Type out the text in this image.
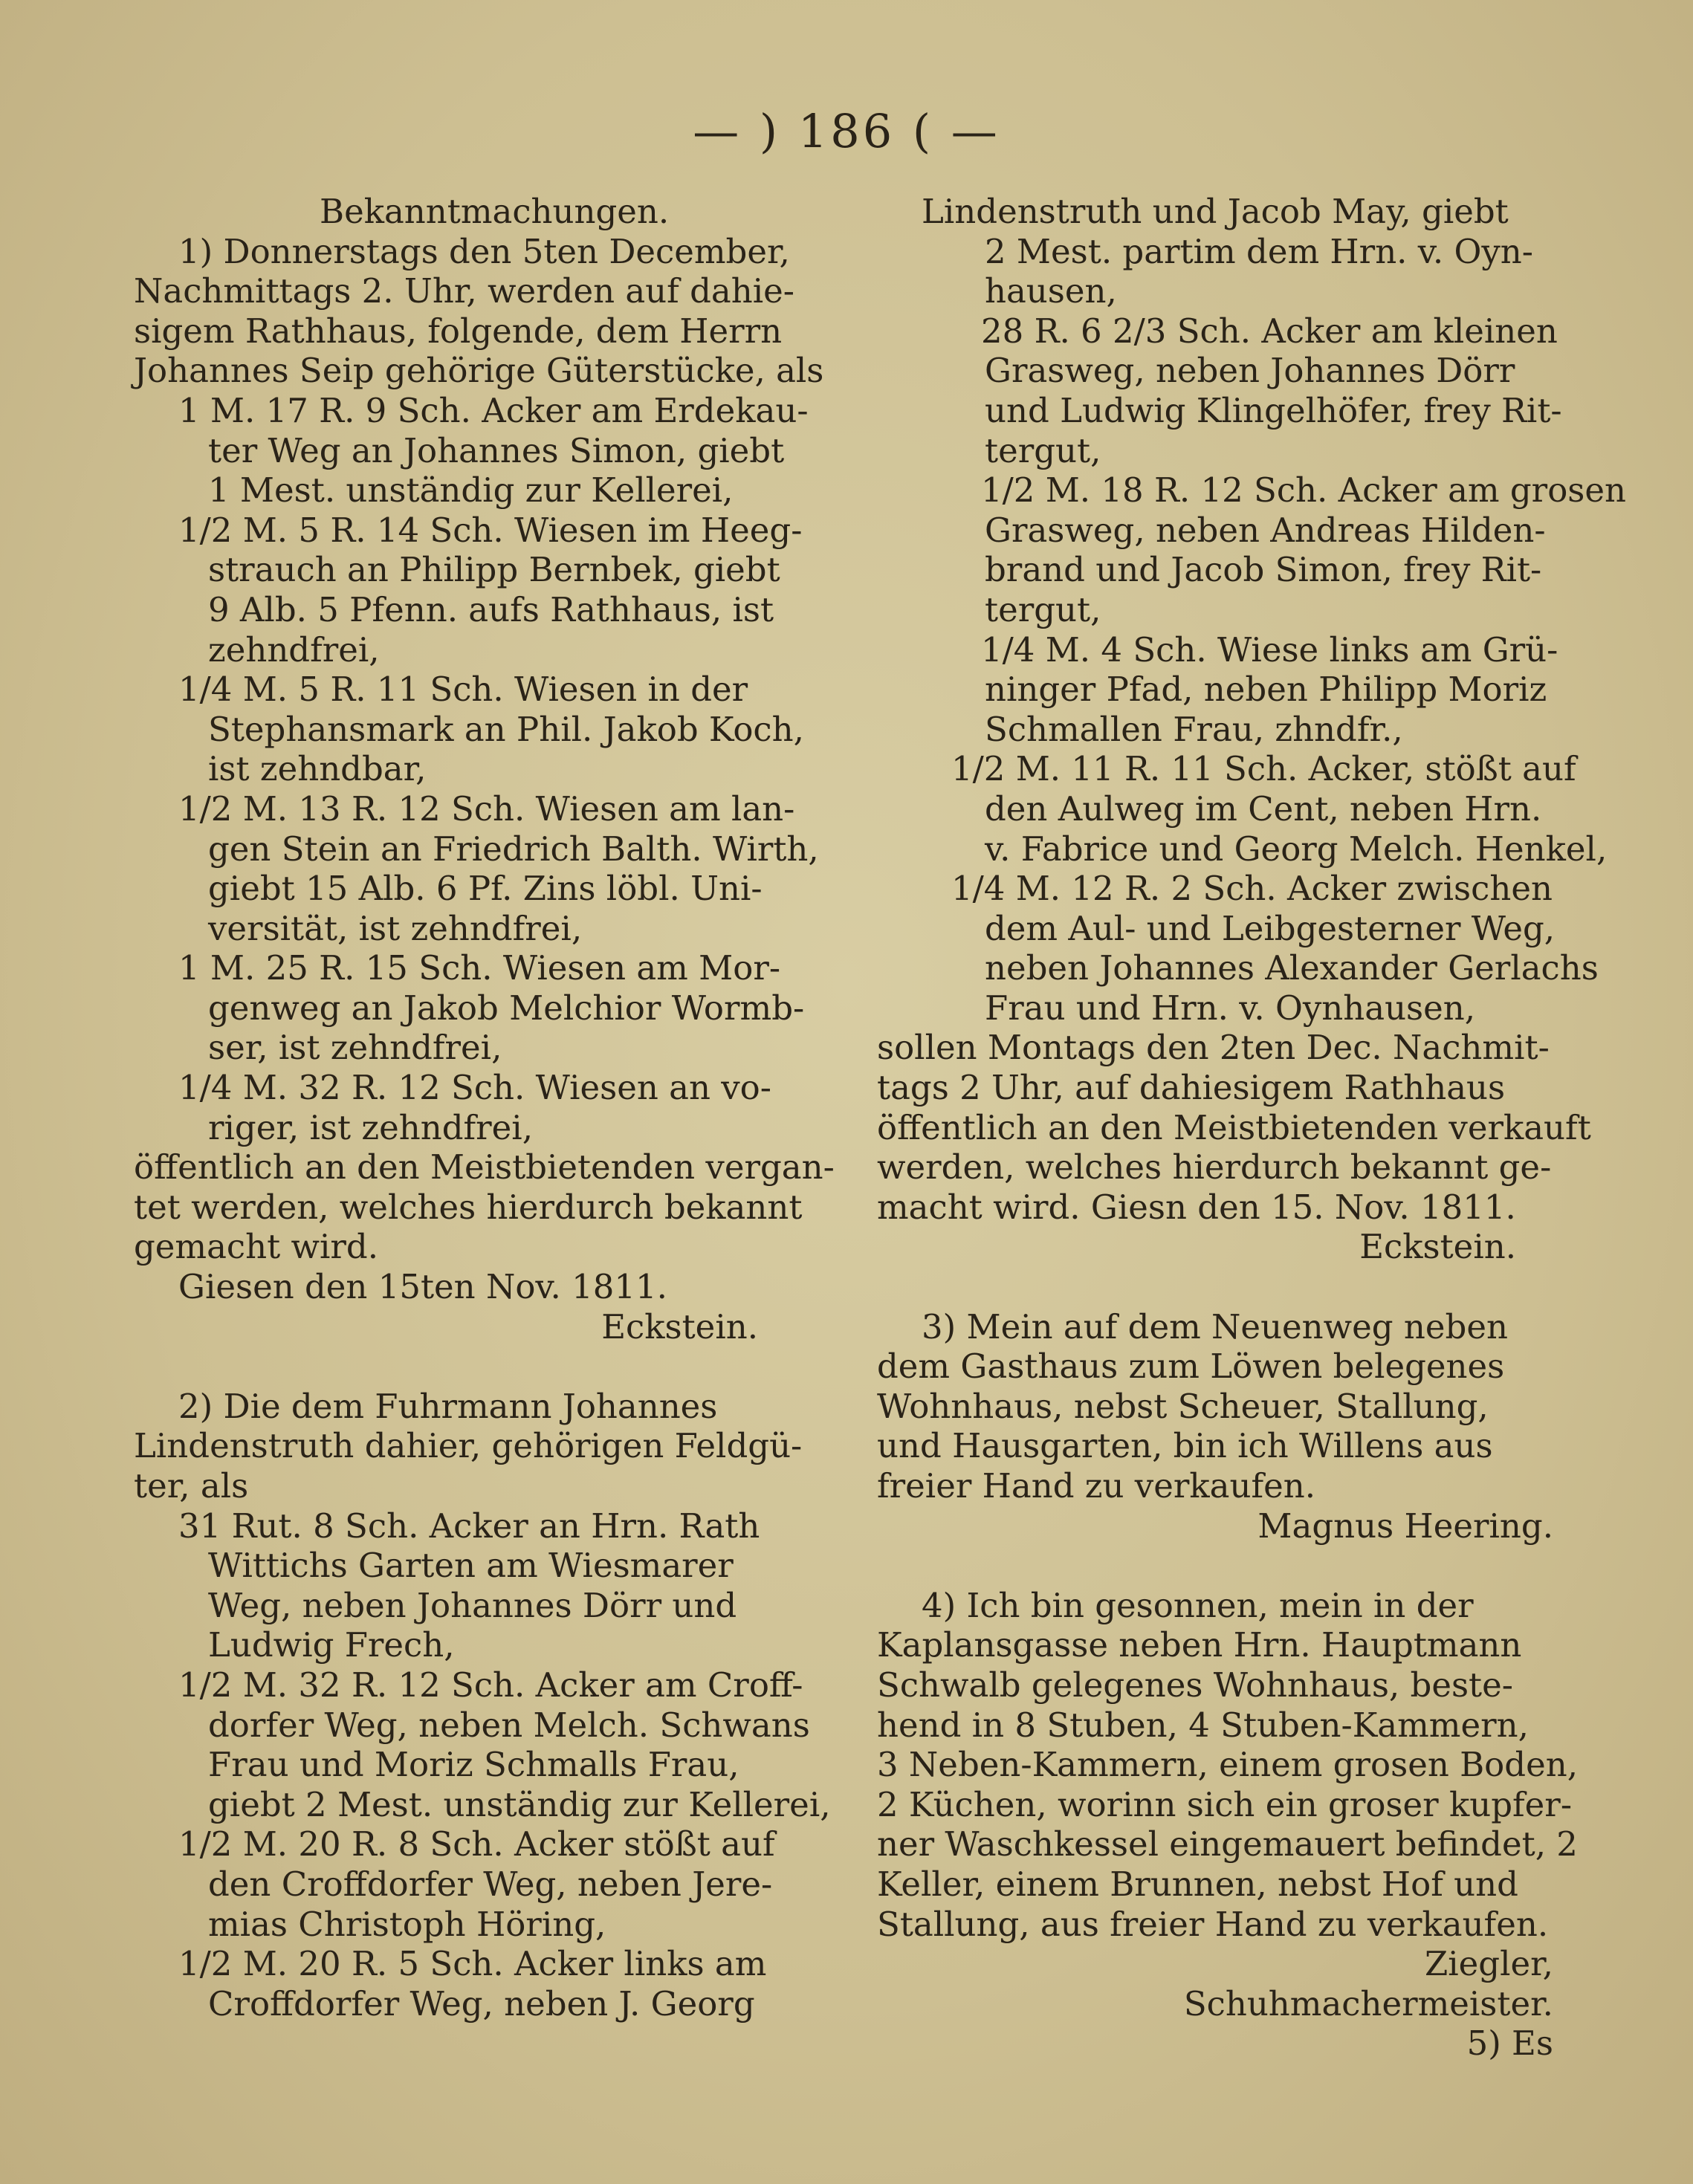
— ) 186 ( —
Bekanntmachungen.
1) Donnerstags den 5ten December,
Nachmittags 2. Uhr, werden auf dahie-
sigem Rathhaus, folgende, dem Herrn
Johannes Seip gehörige Güterstücke, als
1 M. 17 R. 9 Sch. Acker am Erdekau-
ter Weg an Johannes Simon, giebt
1 Mest. unständig zur Kellerei,
1/2 M. 5 R. 14 Sch. Wiesen im Heeg-
strauch an Philipp Bernbek, giebt
9 Alb. 5 Pfenn. aufs Rathhaus, ist
zehndfrei,
1/4 M. 5 R. 11 Sch. Wiesen in der
Stephansmark an Phil. Jakob Koch,
ist zehndbar,
1/2 M. 13 R. 12 Sch. Wiesen am lan-
gen Stein an Friedrich Balth. Wirth,
giebt 15 Alb. 6 Pf. Zins löbl. Uni-
versität, ist zehndfrei,
1 M. 25 R. 15 Sch. Wiesen am Mor-
genweg an Jakob Melchior Wormb-
ser, ist zehndfrei,
1/4 M. 32 R. 12 Sch. Wiesen an vo-
riger, ist zehndfrei,
öffentlich an den Meistbietenden vergan-
tet werden, welches hierdurch bekannt
gemacht wird.
Giesen den 15ten Nov. 1811.
Eckstein.
2) Die dem Fuhrmann Johannes
Lindenstruth dahier, gehörigen Feldgü-
ter, als
31 Rut. 8 Sch. Acker an Hrn. Rath
Wittichs Garten am Wiesmarer
Weg, neben Johannes Dörr und
Ludwig Frech,
1/2 M. 32 R. 12 Sch. Acker am Croff-
dorfer Weg, neben Melch. Schwans
Frau und Moriz Schmalls Frau,
giebt 2 Mest. unständig zur Kellerei,
1/2 M. 20 R. 8 Sch. Acker stößt auf
den Croffdorfer Weg, neben Jere-
mias Christoph Höring,
1/2 M. 20 R. 5 Sch. Acker links am
Croffdorfer Weg, neben J. Georg
Lindenstruth und Jacob May, giebt
2 Mest. partim dem Hrn. v. Oyn-
hausen,
28 R. 6 2/3 Sch. Acker am kleinen
Grasweg, neben Johannes Dörr
und Ludwig Klingelhöfer, frey Rit-
tergut,
1/2 M. 18 R. 12 Sch. Acker am grosen
Grasweg, neben Andreas Hilden-
brand und Jacob Simon, frey Rit-
tergut,
1/4 M. 4 Sch. Wiese links am Grü-
ninger Pfad, neben Philipp Moriz
Schmallen Frau, zhndfr.,
1/2 M. 11 R. 11 Sch. Acker, stößt auf
den Aulweg im Cent, neben Hrn.
v. Fabrice und Georg Melch. Henkel,
1/4 M. 12 R. 2 Sch. Acker zwischen
dem Aul- und Leibgesterner Weg,
neben Johannes Alexander Gerlachs
Frau und Hrn. v. Oynhausen,
sollen Montags den 2ten Dec. Nachmit-
tags 2 Uhr, auf dahiesigem Rathhaus
öffentlich an den Meistbietenden verkauft
werden, welches hierdurch bekannt ge-
macht wird. Giesn den 15. Nov. 1811.
Eckstein.
3) Mein auf dem Neuenweg neben
dem Gasthaus zum Löwen belegenes
Wohnhaus, nebst Scheuer, Stallung,
und Hausgarten, bin ich Willens aus
freier Hand zu verkaufen.
Magnus Heering.
4) Ich bin gesonnen, mein in der
Kaplansgasse neben Hrn. Hauptmann
Schwalb gelegenes Wohnhaus, beste-
hend in 8 Stuben, 4 Stuben-Kammern,
3 Neben-Kammern, einem grosen Boden,
2 Küchen, worinn sich ein groser kupfer-
ner Waschkessel eingemauert befindet, 2
Keller, einem Brunnen, nebst Hof und
Stallung, aus freier Hand zu verkaufen.
Ziegler,
Schuhmachermeister.
5) Es
